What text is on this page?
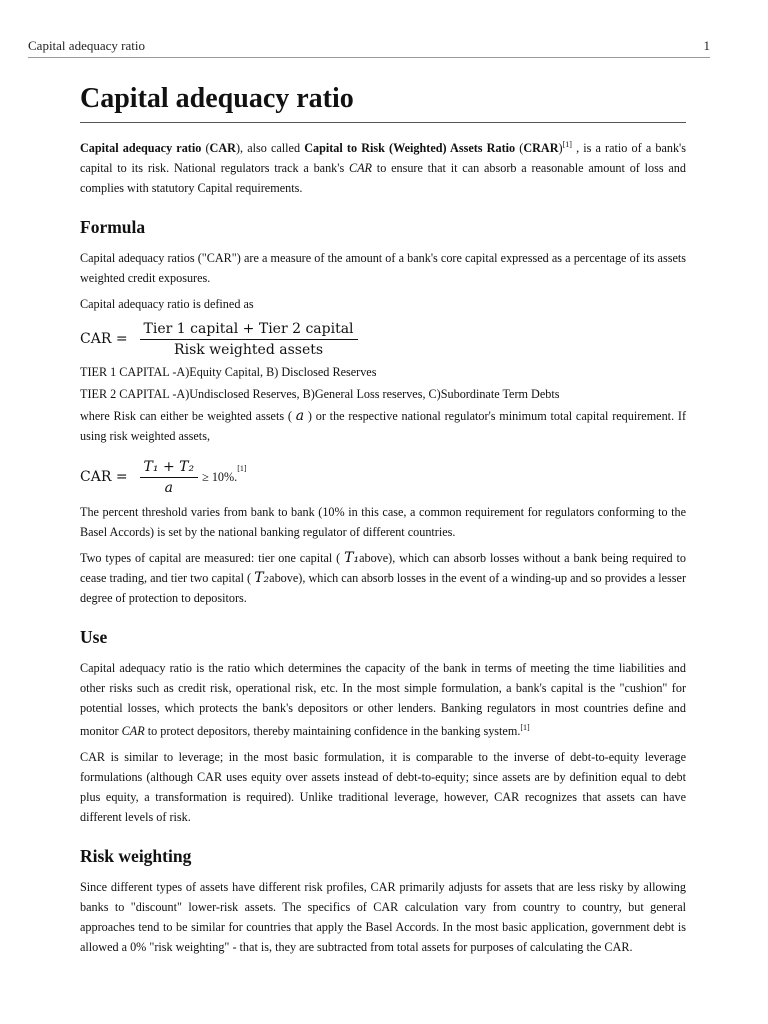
Capital adequacy ratio	1
Capital adequacy ratio

Capital adequacy ratio (CAR), also called Capital to Risk (Weighted) Assets Ratio (CRAR)[1] , is a ratio of a bank's capital to its risk. National regulators track a bank's CAR to ensure that it can absorb a reasonable amount of loss and complies with statutory Capital requirements.

Formula

Capital adequacy ratios ("CAR") are a measure of the amount of a bank's core capital expressed as a percentage of its assets weighted credit exposures.

Capital adequacy ratio is defined as

CAR = $\frac{\text{Tier 1 capital + Tier 2 capital}}{\text{Risk weighted assets}}$

TIER 1 CAPITAL -A)Equity Capital, B) Disclosed Reserves

TIER 2 CAPITAL -A)Undisclosed Reserves, B)General Loss reserves, C)Subordinate Term Debts

where Risk can either be weighted assets ( a ) or the respective national regulator's minimum total capital requirement. If using risk weighted assets,

CAR = $\frac{\text{T₁ + T₂}}{a} \ge 10\%$.
[1]

The percent threshold varies from bank to bank (10% in this case, a common requirement for regulators conforming to the Basel Accords) is set by the national banking regulator of different countries.

Two types of capital are measured: tier one capital ( T₁above), which can absorb losses without a bank being required to cease trading, and tier two capital ( T₂above), which can absorb losses in the event of a winding-up and so provides a lesser degree of protection to depositors.

Use

Capital adequacy ratio is the ratio which determines the capacity of the bank in terms of meeting the time liabilities and other risks such as credit risk, operational risk, etc. In the most simple formulation, a bank's capital is the "cushion" for potential losses, which protects the bank's depositors or other lenders. Banking regulators in most countries define and monitor CAR to protect depositors, thereby maintaining confidence in the banking system.[1]

CAR is similar to leverage; in the most basic formulation, it is comparable to the inverse of debt-to-equity leverage formulations (although CAR uses equity over assets instead of debt-to-equity; since assets are by definition equal to debt plus equity, a transformation is required). Unlike traditional leverage, however, CAR recognizes that assets can have different levels of risk.

Risk weighting

Since different types of assets have different risk profiles, CAR primarily adjusts for assets that are less risky by allowing banks to "discount" lower-risk assets. The specifics of CAR calculation vary from country to country, but general approaches tend to be similar for countries that apply the Basel Accords. In the most basic application, government debt is allowed a 0% "risk weighting" - that is, they are subtracted from total assets for purposes of calculating the CAR.
